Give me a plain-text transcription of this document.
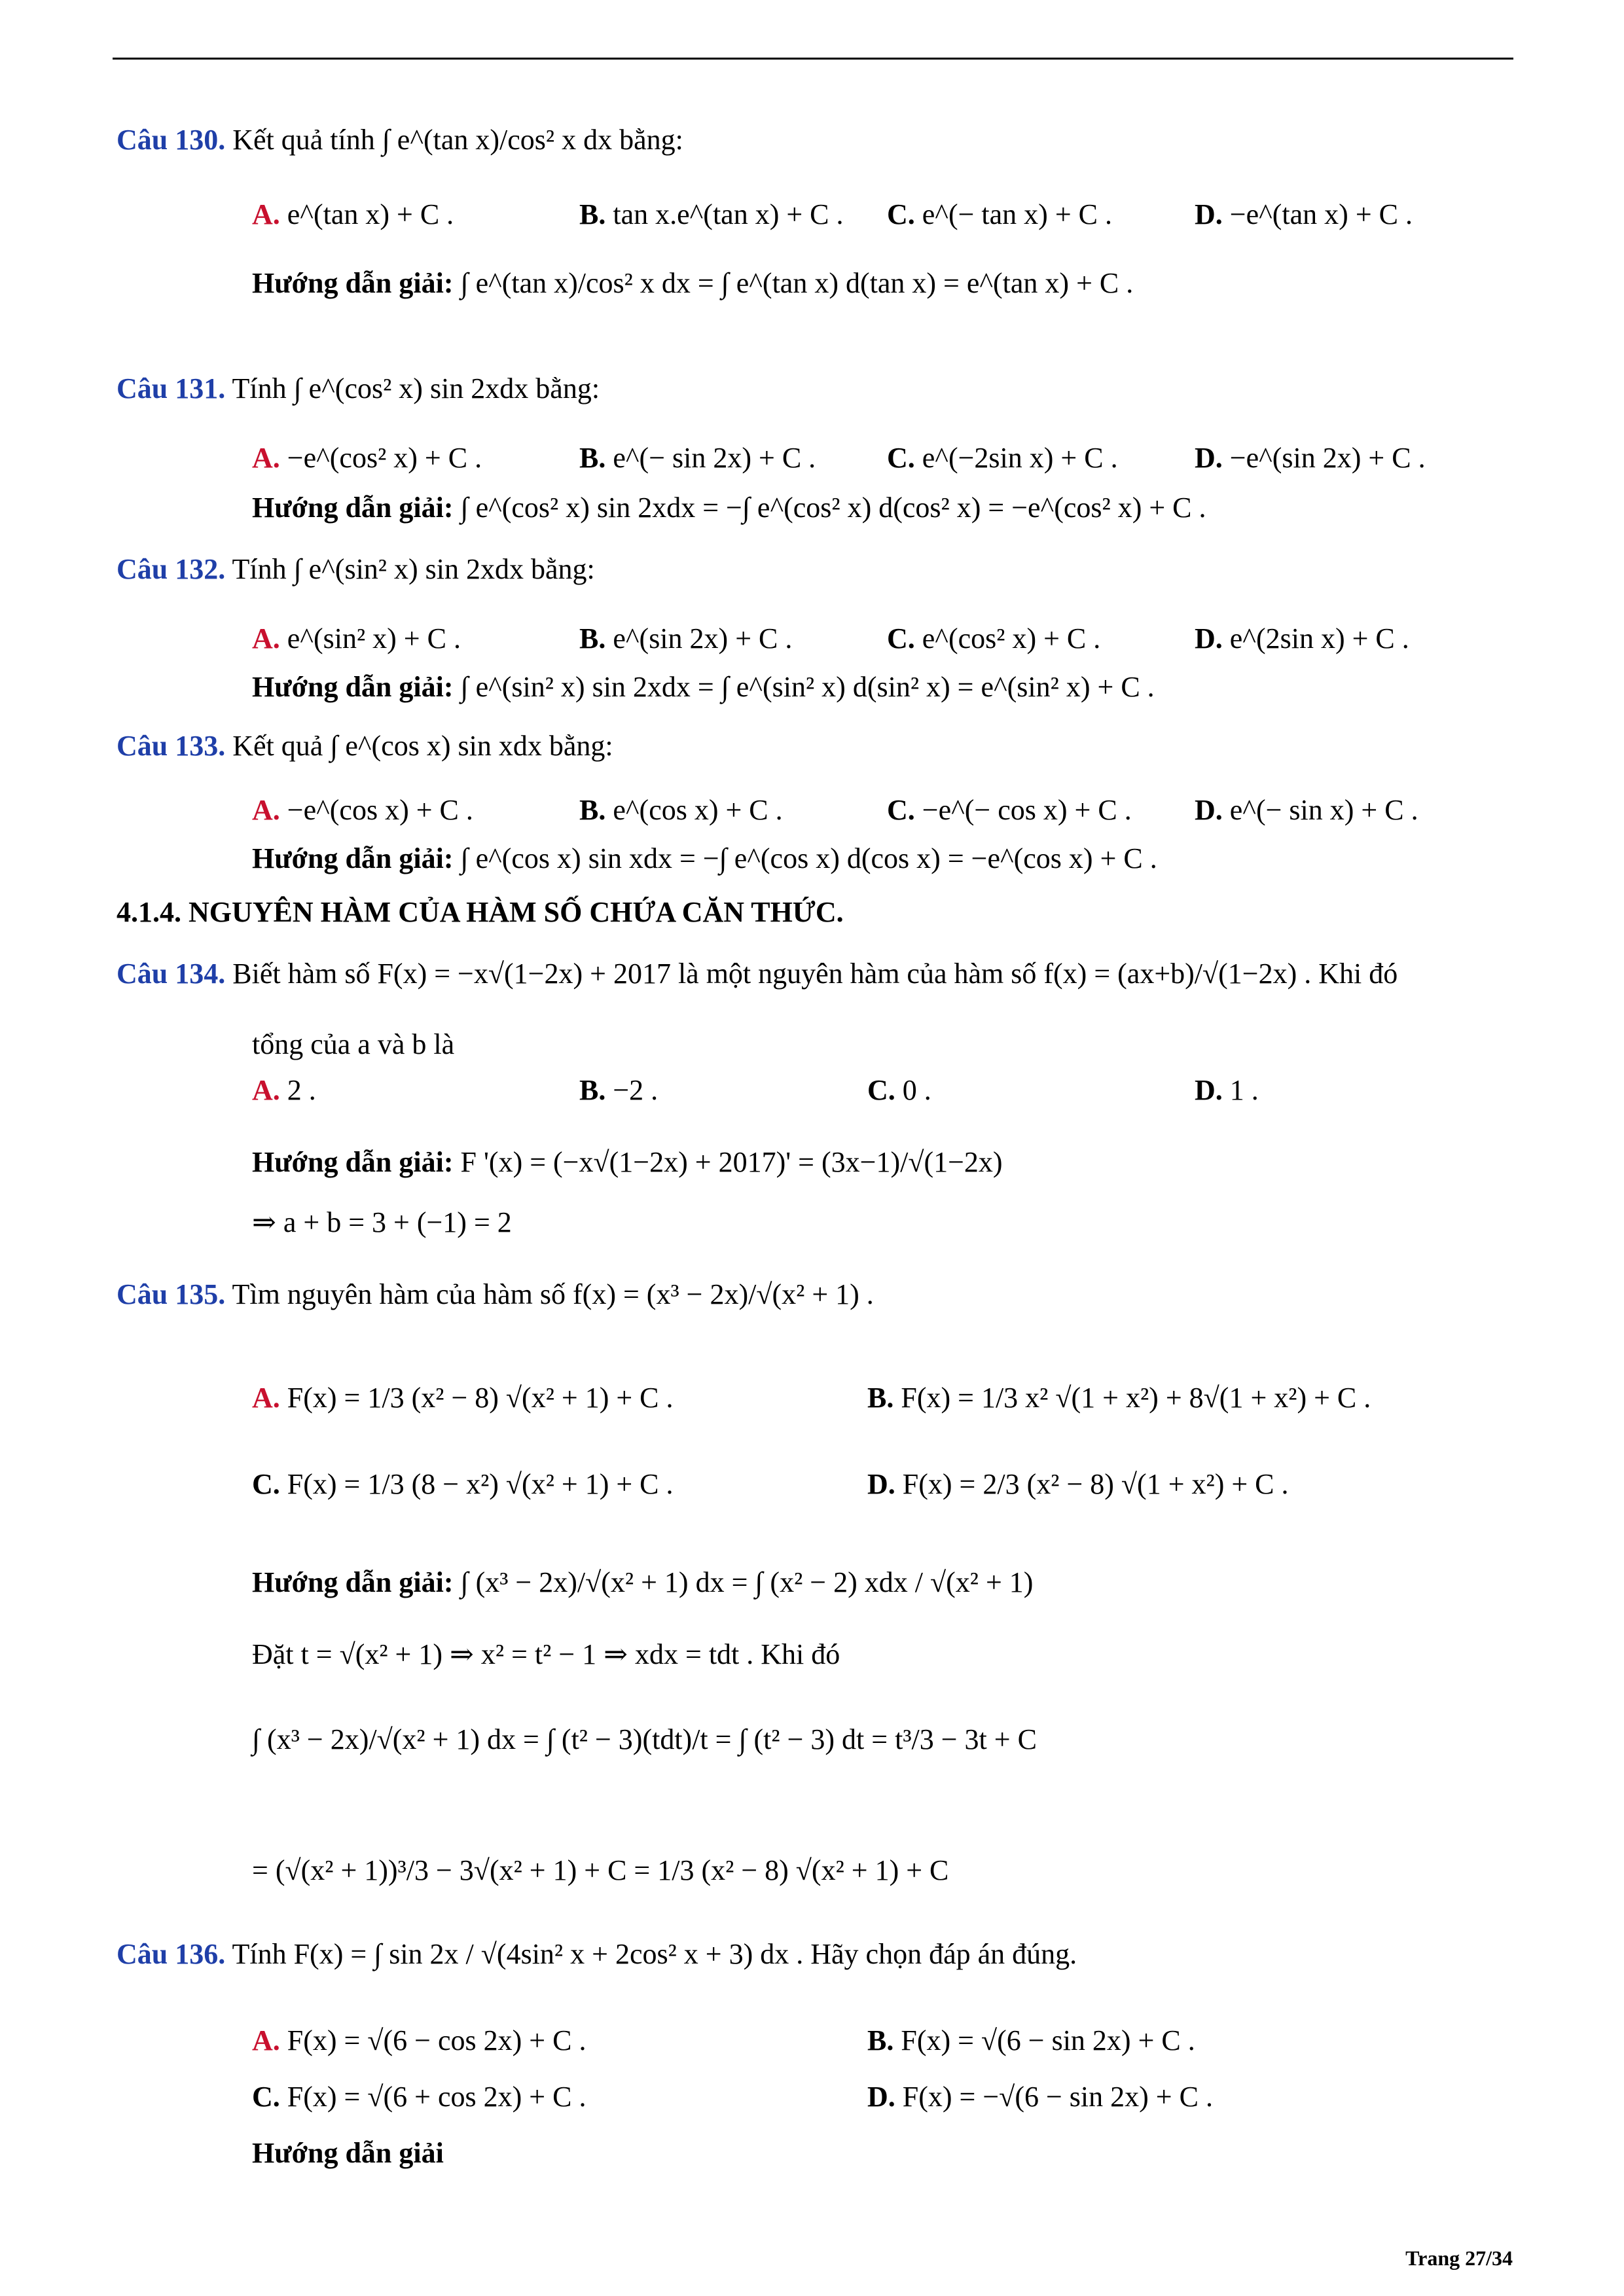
Câu 130. Kết quả tính ∫ e^(tan x)/cos² x dx bằng:
A. e^(tan x) + C .	B. tan x.e^(tan x) + C . C. e^(− tan x) + C .	D. −e^(tan x) + C .
Hướng dẫn giải: ∫ e^(tan x)/cos² x dx = ∫ e^(tan x) d(tan x) = e^(tan x) + C .
Câu 131. Tính ∫ e^(cos² x) sin 2xdx bằng:
A. −e^(cos² x) + C .	B. e^(− sin 2x) + C . C. e^(−2sin x) + C .	D. −e^(sin 2x) + C .
Hướng dẫn giải: ∫ e^(cos² x) sin 2xdx = −∫ e^(cos² x) d(cos² x) = −e^(cos² x) + C .
Câu 132. Tính ∫ e^(sin² x) sin 2xdx bằng:
A. e^(sin² x) + C .	B. e^(sin 2x) + C .	C. e^(cos² x) + C .	D. e^(2sin x) + C .
Hướng dẫn giải: ∫ e^(sin² x) sin 2xdx = ∫ e^(sin² x) d(sin² x) = e^(sin² x) + C .
Câu 133. Kết quả ∫ e^(cos x) sin xdx bằng:
A. −e^(cos x) + C .	B. e^(cos x) + C .	C. −e^(− cos x) + C . D. e^(− sin x) + C .
Hướng dẫn giải: ∫ e^(cos x) sin xdx = −∫ e^(cos x) d(cos x) = −e^(cos x) + C .
4.1.4. NGUYÊN HÀM CỦA HÀM SỐ CHỨA CĂN THỨC.
Câu 134. Biết hàm số F(x) = −x√(1−2x) + 2017 là một nguyên hàm của hàm số f(x) = (ax+b)/√(1−2x) . Khi đó
tổng của a và b là
A. 2 .	B. −2 .	C. 0 .	D. 1 .
Hướng dẫn giải: F '(x) = (−x√(1−2x) + 2017)' = (3x−1)/√(1−2x)
⇒ a + b = 3 + (−1) = 2
Câu 135. Tìm nguyên hàm của hàm số f(x) = (x³ − 2x)/√(x² + 1) .
A. F(x) = 1/3 (x² − 8) √(x² + 1) + C .	B. F(x) = 1/3 x² √(1 + x²) + 8√(1 + x²) + C .
C. F(x) = 1/3 (8 − x²) √(x² + 1) + C .	D. F(x) = 2/3 (x² − 8) √(1 + x²) + C .
Hướng dẫn giải: ∫ (x³ − 2x)/√(x² + 1) dx = ∫ (x² − 2) xdx / √(x² + 1)
Đặt t = √(x² + 1) ⇒ x² = t² − 1 ⇒ xdx = tdt . Khi đó
∫ (x³ − 2x)/√(x² + 1) dx = ∫ (t² − 3)(tdt)/t = ∫ (t² − 3) dt = t³/3 − 3t + C
= (√(x² + 1))³/3 − 3√(x² + 1) + C = 1/3 (x² − 8) √(x² + 1) + C
Câu 136. Tính F(x) = ∫ sin 2x / √(4sin² x + 2cos² x + 3) dx . Hãy chọn đáp án đúng.
A. F(x) = √(6 − cos 2x) + C .	B. F(x) = √(6 − sin 2x) + C .
C. F(x) = √(6 + cos 2x) + C .	D. F(x) = −√(6 − sin 2x) + C .
Hướng dẫn giải
Trang 27/34
